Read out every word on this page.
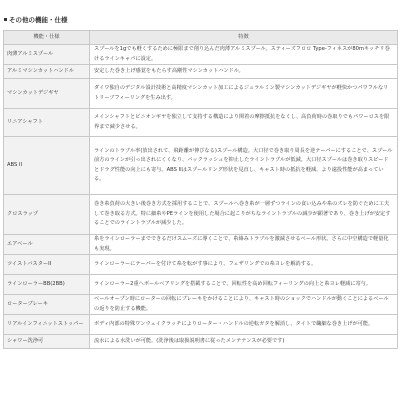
その他の機能・仕様
機能・仕様	特徴
肉薄アルミスプール	スプールを1gでも軽くするために極限まで削り込んだ肉薄アルミスプール。スティーズフロロ Type-フィネスが80mキッチリ巻けるラインキャパに設定。
アルミマシンカットハンドル	安定した巻き上げ感覚をもたらす高剛性マシンカットハンドル。
マシンカットデジギヤ	ダイワ独自のデジタル設計技術と高精度マシンカット加工によるジュラルミン製マシンカットデジギヤが軽快かつパワフルなリトリーブフィーリングを生み出す。
リニアシャフト	メインシャフトとピニオンギヤを独立して支持する構造により関着の摩擦抵抗をなくし、高負荷時の巻取りでもパワーロスを限界まで減少させる。
ABS II	ラインのトラブル率(放出されて、飛距離が伸びなる)スプール構造。大口径で巻き取り周長を逆テーパーにすることで、スプール前方のラインが引っ出されにくくなり、バックラッシュを抑止したライントラブルが低減。大口径スプールは巻き取りスピードとドラグ性能の向上にも寄与。ABS IIはスプールリング形状を見直し、キャスト時の抵抗を軽減、より遠投性能が高まっている。
クロスラップ	巻き糸負荷の大きい後巻き方式を採用することで、スプールへ巻き糸が一層ずつラインの食い込みや糸のズレを防ぐために工夫して巻き取る方式。特に細糸やPEラインを使用した場合に起こりがちなライントラブルの減少が顕著であり、巻き上げが安定することでのライントラブルが減少した。
エアベール	糸をラインローラーまでできるだけスムーズに導くことで、糸絡みトラブルを激減させるベール形状。さらに中空構造で軽量化も実現。
ツイストバスターII	ラインローラーにテーパーを付けて糸を転がす事により、フェザリングでの糸ヨレを解消する。
ラインローラーBB(2BB)	ラインローラー2重へボールベアリングを搭載することで、回転性を高め回転フィーリングの向上と糸ヨレ軽減に寄与。
ローターブレーキ	ベールオープン時にローターの回転にブレーキをかけることにより、キャスト時のショックでハンドルが動くことによるベールの返りを防止する機能。
リアルインフィニットストッパー	ボディ内部の特殊ワンウェイクラッチによりローター・ハンドルの逆転ガタを解消し、タイトで繊細な巻き上げが可能。
シャワー洗浄可	流水による水洗いが可能。(洗浄後は取扱説明書に従ったメンテナンスが必要です)
